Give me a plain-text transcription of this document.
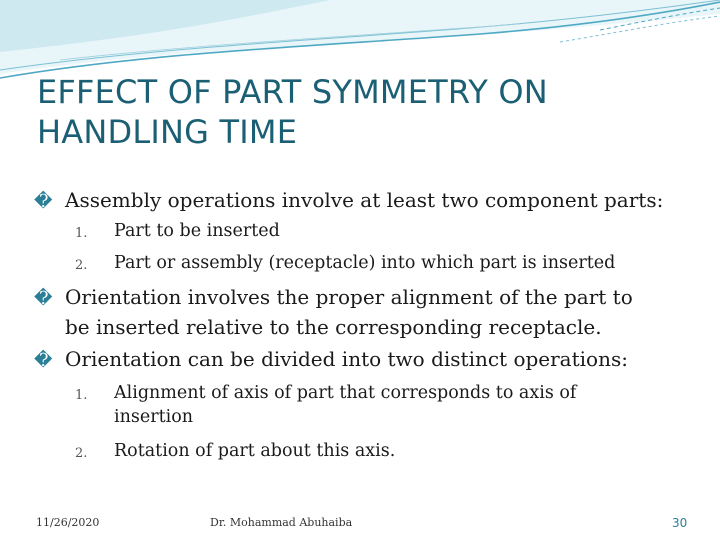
EFFECT OF PART SYMMETRY ON
HANDLING TIME
� Assembly operations involve at least two component parts:
1.	Part to be inserted
2.	Part or assembly (receptacle) into which part is inserted
� Orientation involves the proper alignment of the part to
be inserted relative to the corresponding receptacle.
� Orientation can be divided into two distinct operations:
1.	Alignment of axis of part that corresponds to axis of
insertion
2.	Rotation of part about this axis.
11/26/2020	Dr. Mohammad Abuhaiba	30
